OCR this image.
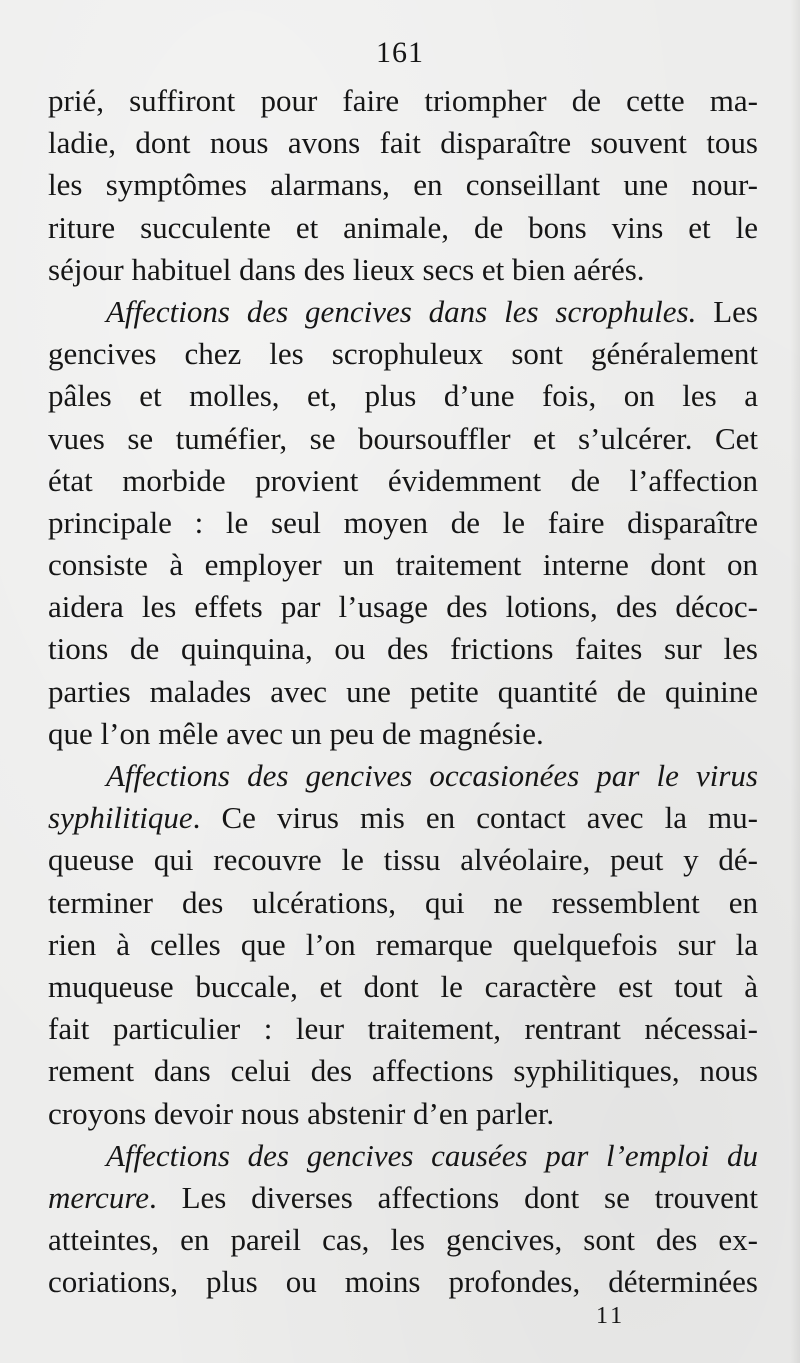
161
prié, suffiront pour faire triompher de cette ma-
ladie, dont nous avons fait disparaître souvent tous
les symptômes alarmans, en conseillant une nour-
riture succulente et animale, de bons vins et le
séjour habituel dans des lieux secs et bien aérés.
Affections des gencives dans les scrophules. Les
gencives chez les scrophuleux sont généralement
pâles et molles, et, plus d’une fois, on les a
vues se tuméfier, se boursouffler et s’ulcérer. Cet
état morbide provient évidemment de l’affection
principale : le seul moyen de le faire disparaître
consiste à employer un traitement interne dont on
aidera les effets par l’usage des lotions, des décoc-
tions de quinquina, ou des frictions faites sur les
parties malades avec une petite quantité de quinine
que l’on mêle avec un peu de magnésie.
Affections des gencives occasionées par le virus
syphilitique. Ce virus mis en contact avec la mu-
queuse qui recouvre le tissu alvéolaire, peut y dé-
terminer des ulcérations, qui ne ressemblent en
rien à celles que l’on remarque quelquefois sur la
muqueuse buccale, et dont le caractère est tout à
fait particulier : leur traitement, rentrant nécessai-
rement dans celui des affections syphilitiques, nous
croyons devoir nous abstenir d’en parler.
Affections des gencives causées par l’emploi du
mercure. Les diverses affections dont se trouvent
atteintes, en pareil cas, les gencives, sont des ex-
coriations, plus ou moins profondes, déterminées
11
